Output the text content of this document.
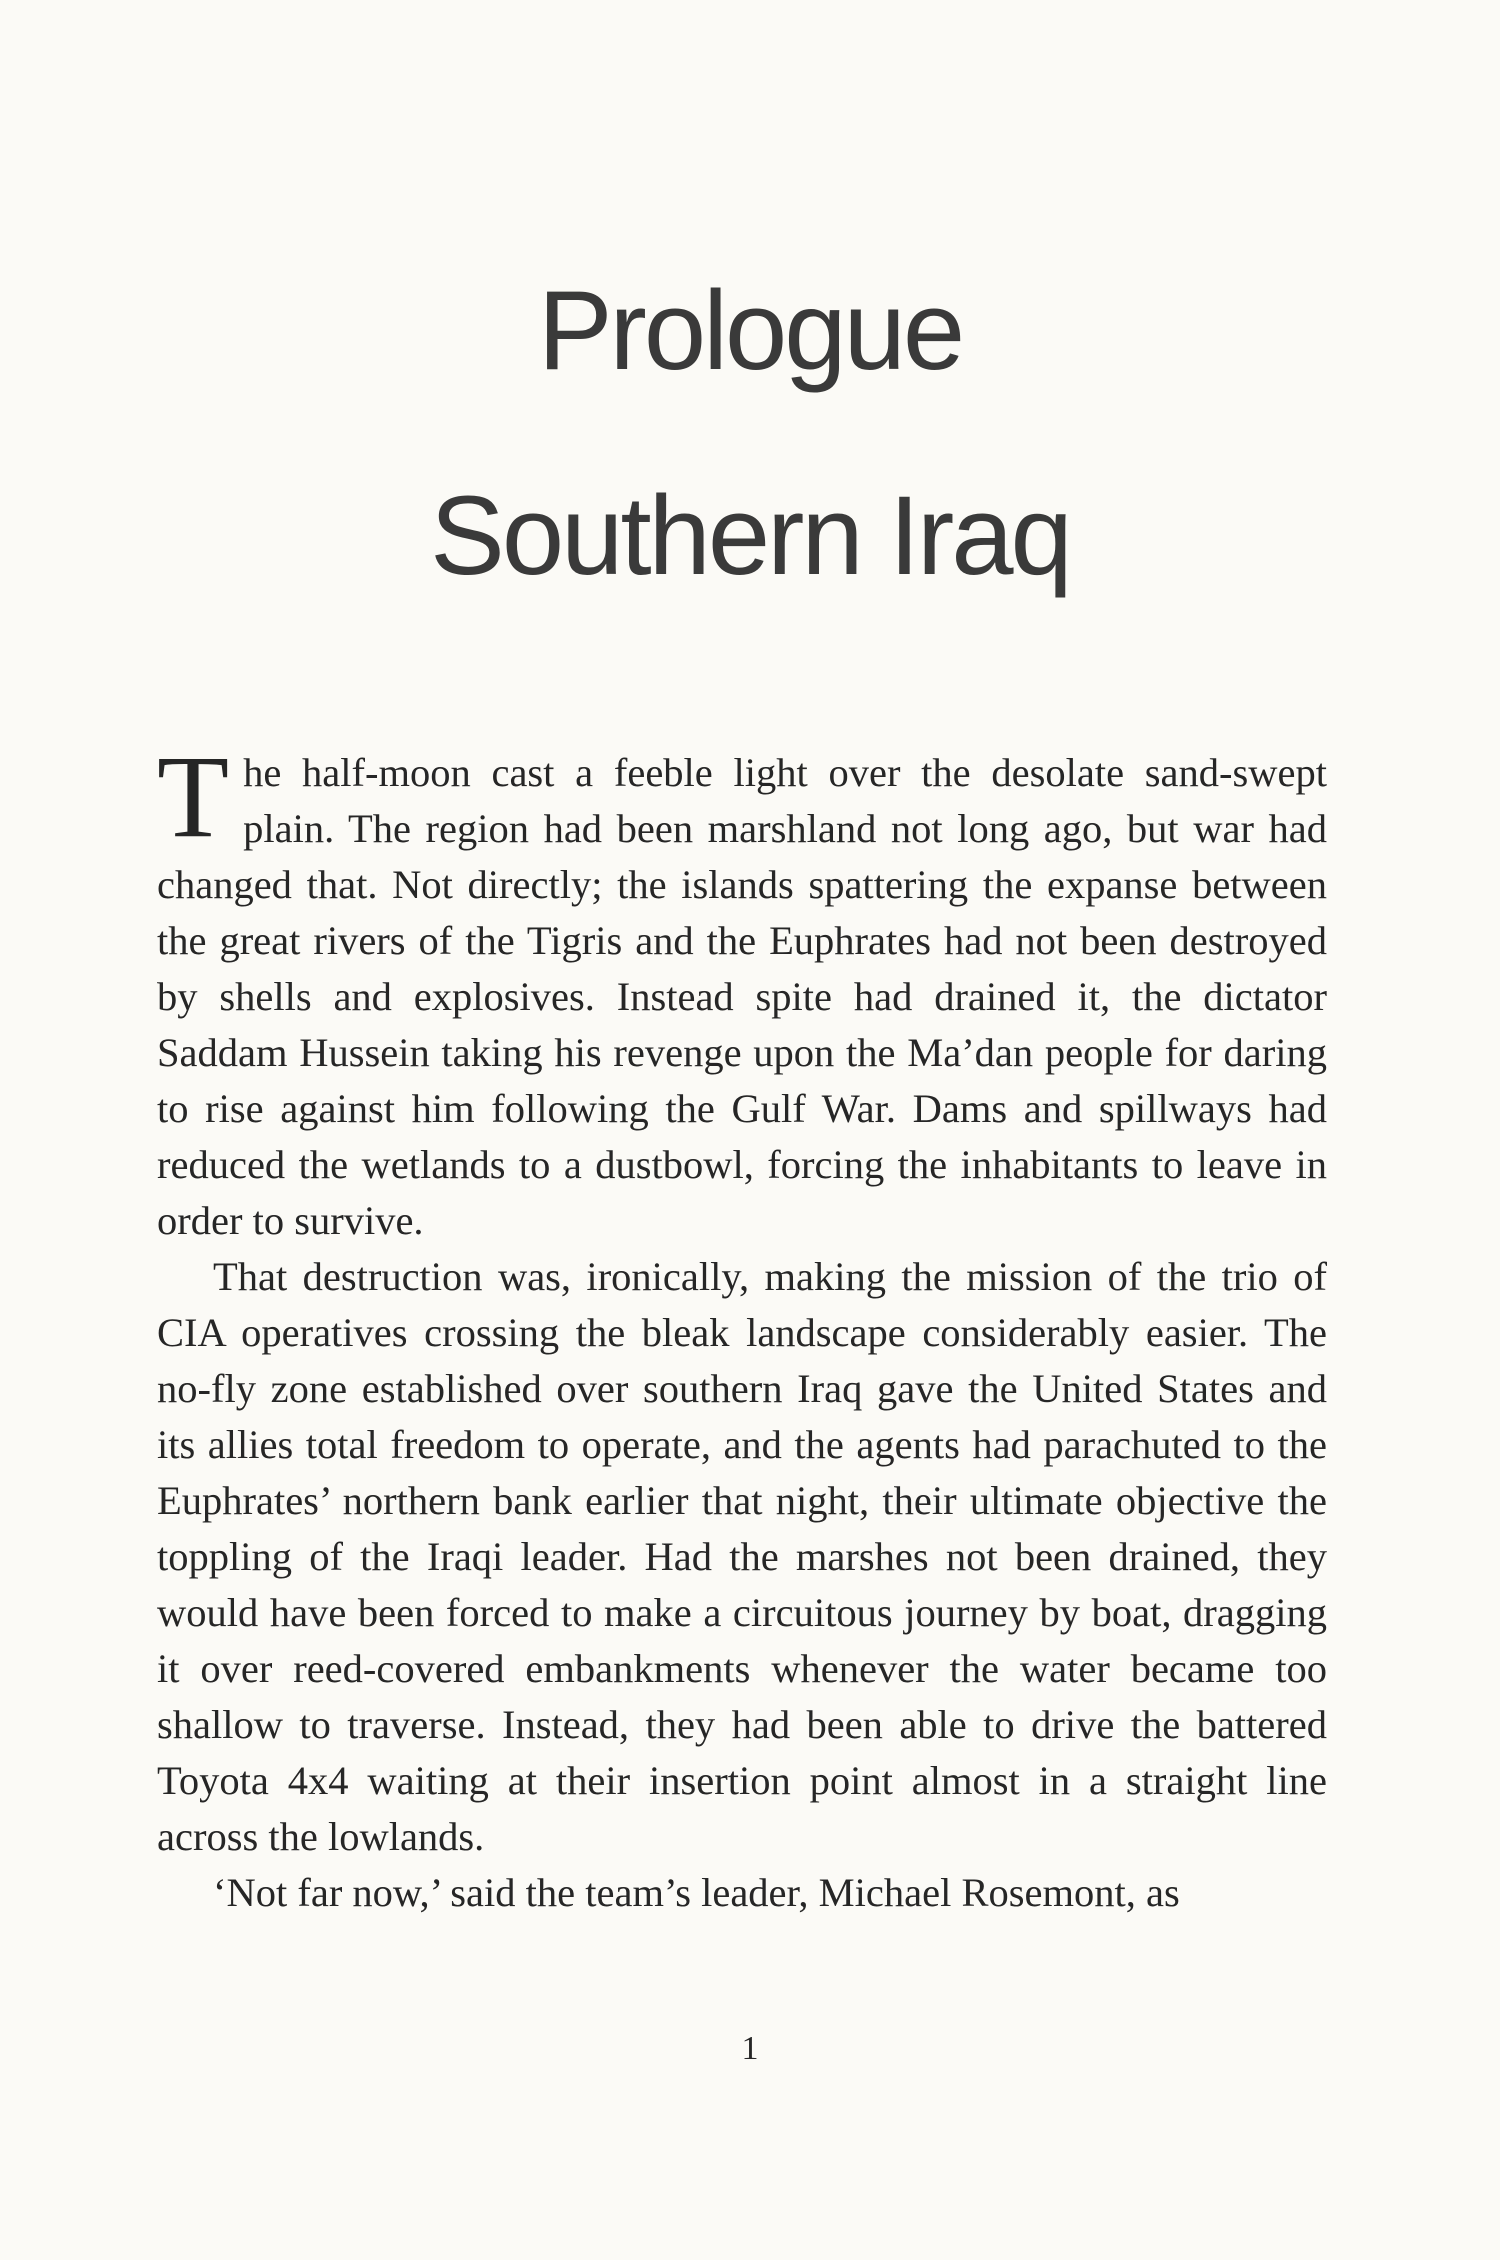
Prologue
Southern Iraq

The half-moon cast a feeble light over the desolate sand-swept plain. The region had been marshland not long ago, but war had changed that. Not directly; the islands spattering the expanse between the great rivers of the Tigris and the Euphrates had not been destroyed by shells and explosives. Instead spite had drained it, the dictator Saddam Hussein taking his revenge upon the Ma’dan people for daring to rise against him following the Gulf War. Dams and spillways had reduced the wetlands to a dustbowl, forcing the inhabitants to leave in order to survive.

That destruction was, ironically, making the mission of the trio of CIA operatives crossing the bleak landscape considerably easier. The no-fly zone established over southern Iraq gave the United States and its allies total freedom to operate, and the agents had parachuted to the Euphrates’ northern bank earlier that night, their ultimate objective the toppling of the Iraqi leader. Had the marshes not been drained, they would have been forced to make a circuitous journey by boat, dragging it over reed-covered embankments whenever the water became too shallow to traverse. Instead, they had been able to drive the battered Toyota 4x4 waiting at their insertion point almost in a straight line across the lowlands.

‘Not far now,’ said the team’s leader, Michael Rosemont, as

1
